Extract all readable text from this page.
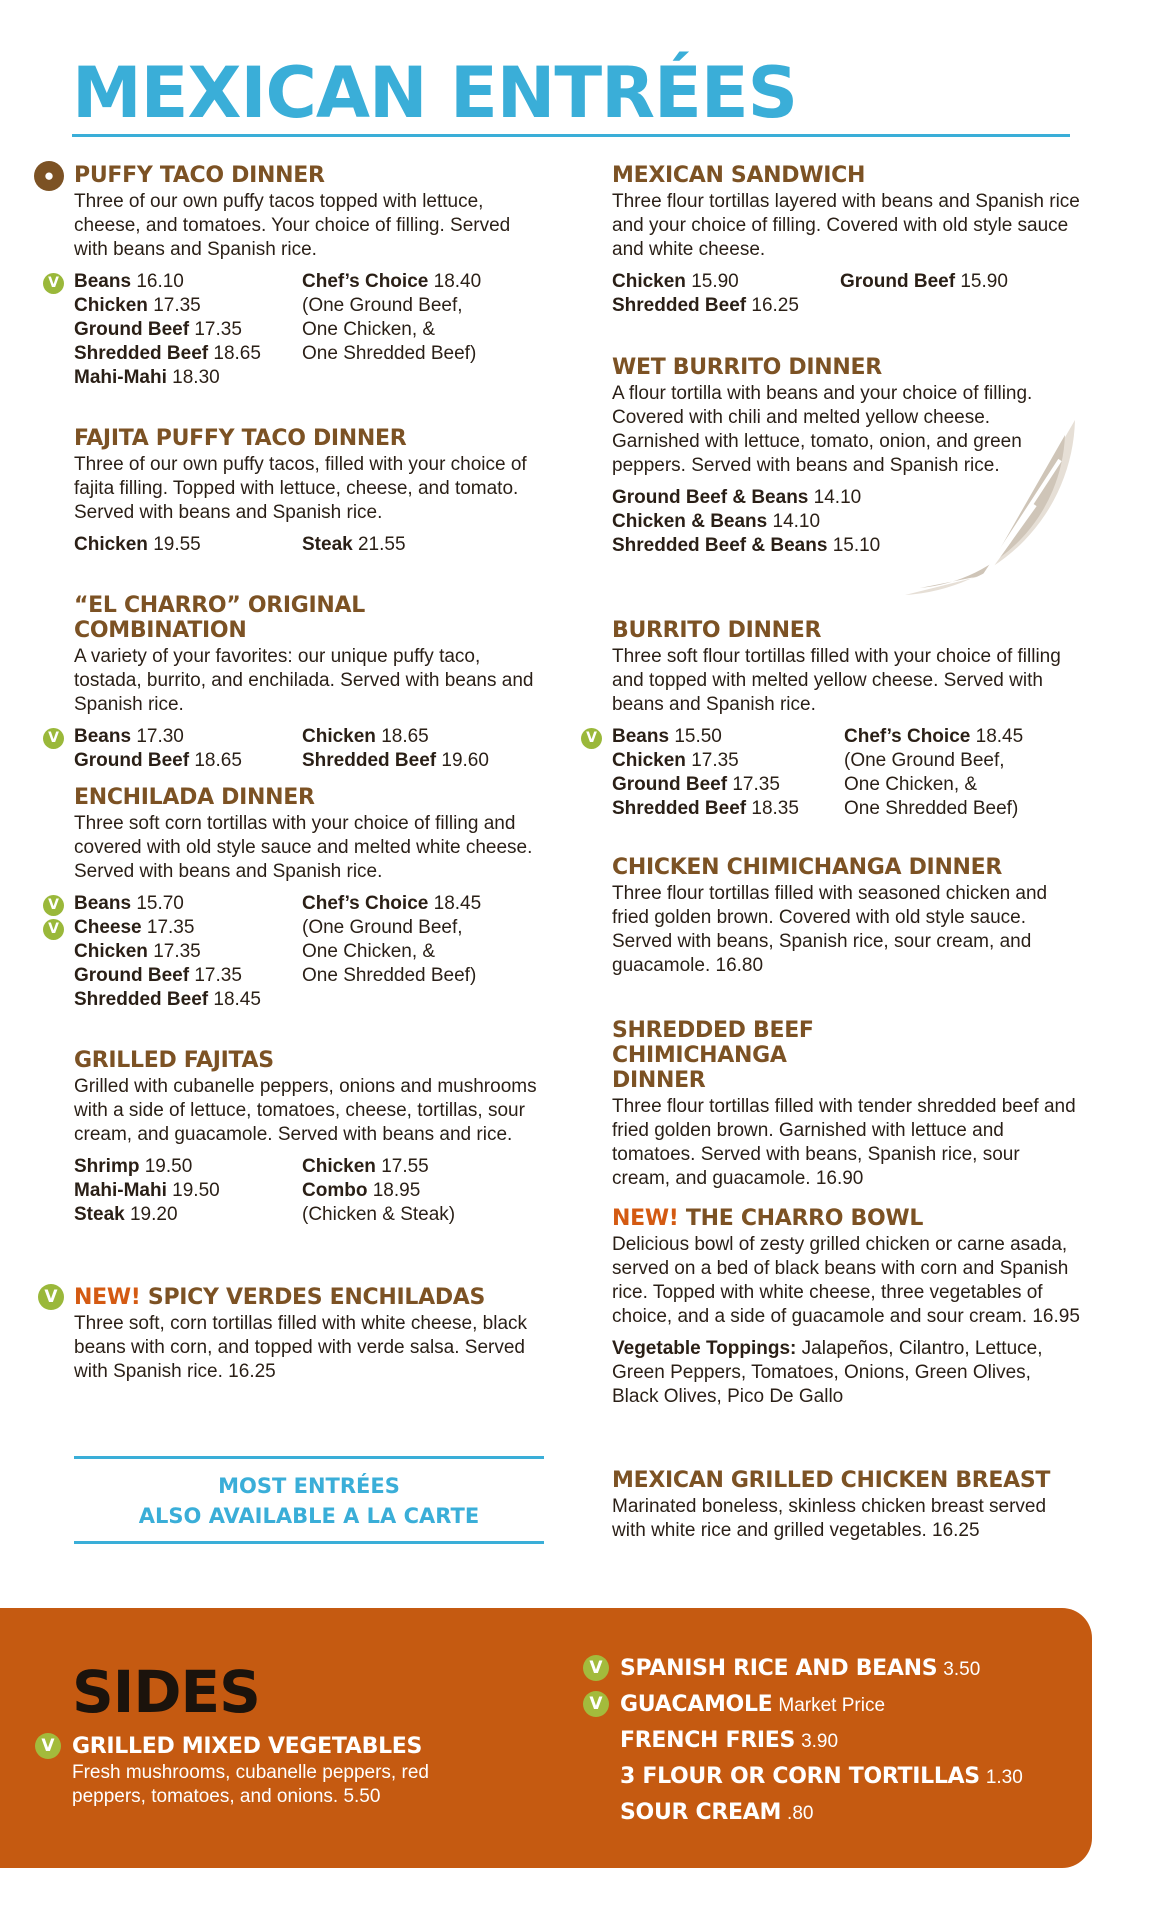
MEXICAN ENTRÉES
● PUFFY TACO DINNER

Three of our own puffy tacos topped with lettuce, cheese, and tomatoes. Your choice of filling. Served with beans and Spanish rice.

V Beans 16.10	Chef’s Choice 18.40
Chicken 17.35	(One Ground Beef,
Ground Beef 17.35	One Chicken, &
Shredded Beef 18.65	One Shredded Beef)
Mahi-Mahi 18.30
FAJITA PUFFY TACO DINNER

Three of our own puffy tacos, filled with your choice of fajita filling. Topped with lettuce, cheese, and tomato. Served with beans and Spanish rice.

Chicken 19.55	Steak 21.55
“EL CHARRO” ORIGINAL COMBINATION

A variety of your favorites: our unique puffy taco, tostada, burrito, and enchilada. Served with beans and Spanish rice.

V Beans 17.30	Chicken 18.65
Ground Beef 18.65	Shredded Beef 19.60
ENCHILADA DINNER

Three soft corn tortillas with your choice of filling and covered with old style sauce and melted white cheese. Served with beans and Spanish rice.

V
V
Beans 15.70	Chef’s Choice 18.45
Cheese 17.35	(One Ground Beef,
Chicken 17.35	One Chicken, &
Ground Beef 17.35	One Shredded Beef)
Shredded Beef 18.45
GRILLED FAJITAS

Grilled with cubanelle peppers, onions and mushrooms with a side of lettuce, tomatoes, cheese, tortillas, sour cream, and guacamole. Served with beans and rice.

Shrimp 19.50	Chicken 17.55
Mahi-Mahi 19.50	Combo 18.95
Steak 19.20	(Chicken & Steak)
V NEW! SPICY VERDES ENCHILADAS

Three soft, corn tortillas filled with white cheese, black beans with corn, and topped with verde salsa. Served with Spanish rice. 16.25

MOST ENTRÉES
ALSO AVAILABLE A LA CARTE
MEXICAN SANDWICH

Three flour tortillas layered with beans and Spanish rice and your choice of filling. Covered with old style sauce and white cheese.

Chicken 15.90	Ground Beef 15.90
Shredded Beef 16.25
WET BURRITO DINNER

A flour tortilla with beans and your choice of filling. Covered with chili and melted yellow cheese. Garnished with lettuce, tomato, onion, and green peppers. Served with beans and Spanish rice.

Ground Beef & Beans 14.10
Chicken & Beans 14.10
Shredded Beef & Beans 15.10
BURRITO DINNER

Three soft flour tortillas filled with your choice of filling and topped with melted yellow cheese. Served with beans and Spanish rice.

V Beans 15.50	Chef’s Choice 18.45
Chicken 17.35	(One Ground Beef,
Ground Beef 17.35	One Chicken, &
Shredded Beef 18.35	One Shredded Beef)
CHICKEN CHIMICHANGA DINNER

Three flour tortillas filled with seasoned chicken and fried golden brown. Covered with old style sauce. Served with beans, Spanish rice, sour cream, and guacamole. 16.80

SHREDDED BEEF CHIMICHANGA DINNER

Three flour tortillas filled with tender shredded beef and fried golden brown. Garnished with lettuce and tomatoes. Served with beans, Spanish rice, sour cream, and guacamole. 16.90

NEW! THE CHARRO BOWL

Delicious bowl of zesty grilled chicken or carne asada, served on a bed of black beans with corn and Spanish rice. Topped with white cheese, three vegetables of choice, and a side of guacamole and sour cream. 16.95

Vegetable Toppings: Jalapeños, Cilantro, Lettuce, Green Peppers, Tomatoes, Onions, Green Olives, Black Olives, Pico De Gallo

MEXICAN GRILLED CHICKEN BREAST

Marinated boneless, skinless chicken breast served with white rice and grilled vegetables. 16.25

SIDES
V GRILLED MIXED VEGETABLES
Fresh mushrooms, cubanelle peppers, red peppers, tomatoes, and onions. 5.50
V SPANISH RICE AND BEANS 3.50
V GUACAMOLE Market Price
FRENCH FRIES 3.90
3 FLOUR OR CORN TORTILLAS 1.30
SOUR CREAM .80
